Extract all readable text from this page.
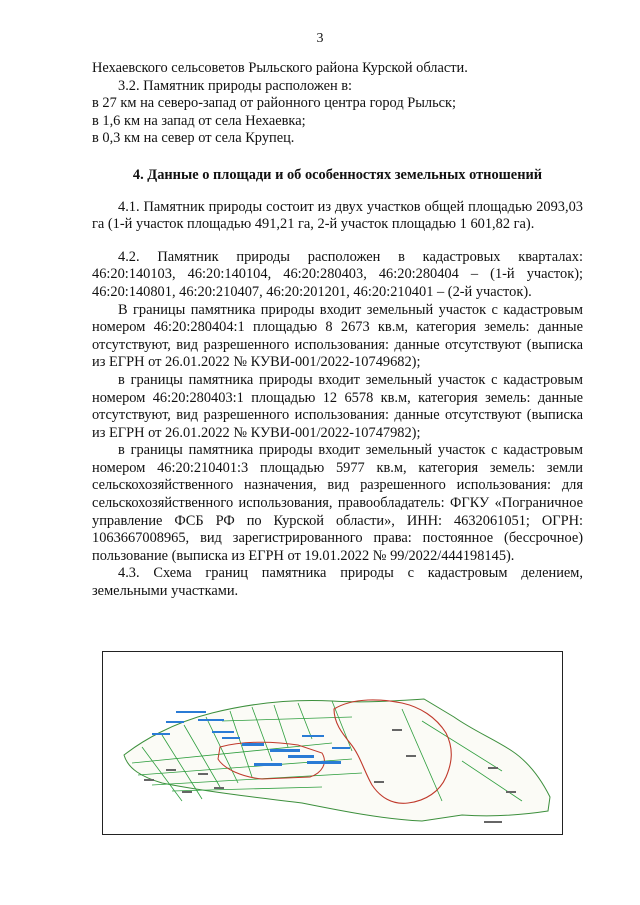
3

Нехаевского сельсоветов Рыльского района Курской области.

3.2. Памятник природы расположен в:

в 27 км на северо-запад от районного центра город Рыльск;

в 1,6 км на запад от села Нехаевка;

в 0,3 км на север от села Крупец.

4. Данные о площади и об особенностях земельных отношений

4.1. Памятник природы состоит из двух участков общей площадью 2093,03 га (1-й участок площадью 491,21 га, 2-й участок площадью 1 601,82 га).

4.2. Памятник природы расположен в кадастровых кварталах: 46:20:140103, 46:20:140104, 46:20:280403, 46:20:280404 – (1-й участок); 46:20:140801, 46:20:210407, 46:20:201201, 46:20:210401 – (2-й участок).

В границы памятника природы входит земельный участок с кадастровым номером 46:20:280404:1 площадью 8 2673 кв.м, категория земель: данные отсутствуют, вид разрешенного использования: данные отсутствуют (выписка из ЕГРН от 26.01.2022 № КУВИ-001/2022-10749682);

в границы памятника природы входит земельный участок с кадастровым номером 46:20:280403:1 площадью 12 6578 кв.м, категория земель: данные отсутствуют, вид разрешенного использования: данные отсутствуют (выписка из ЕГРН от 26.01.2022 № КУВИ-001/2022-10747982);

в границы памятника природы входит земельный участок с кадастровым номером 46:20:210401:3 площадью 5977 кв.м, категория земель: земли сельскохозяйственного назначения, вид разрешенного использования: для сельскохозяйственного использования, правообладатель: ФГКУ «Пограничное управление ФСБ РФ по Курской области», ИНН: 4632061051; ОГРН: 1063667008965, вид зарегистрированного права: постоянное (бессрочное) пользование (выписка из ЕГРН от 19.01.2022 № 99/2022/444198145).

4.3. Схема границ памятника природы с кадастровым делением, земельными участками.
